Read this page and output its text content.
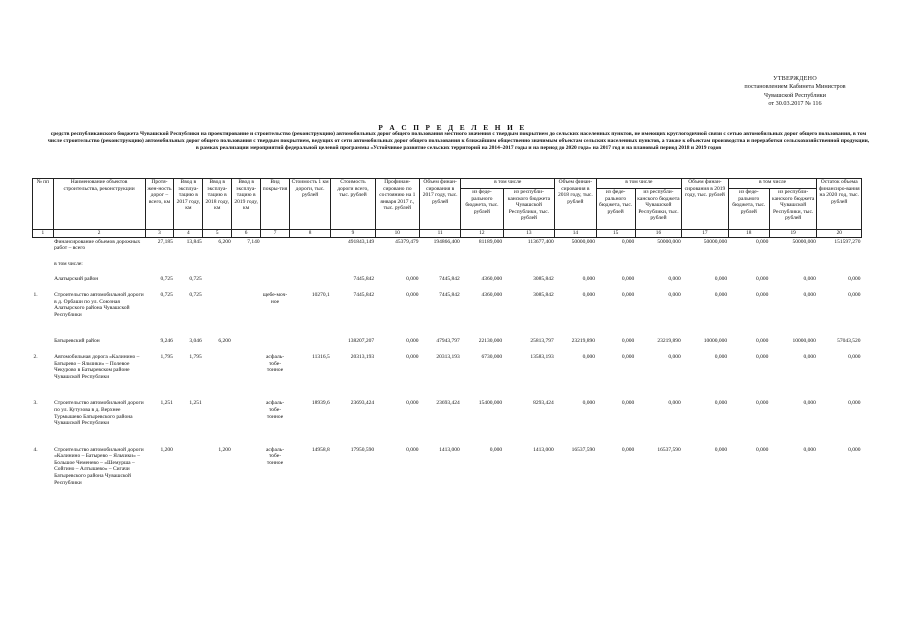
УТВЕРЖДЕНО
постановлением Кабинета Министров
Чувашской Республики
от 30.03.2017 № 116
Р А С П Р Е Д Е Л Е Н И Е
средств республиканского бюджета Чувашской Республики на проектирование и строительство (реконструкцию) автомобильных дорог общего пользования местного значения с твердым покрытием до сельских населенных пунктов, не имеющих круглогодичной связи с сетью автомобильных дорог общего пользования, в том числе строительство (реконструкцию) автомобильных дорог общего пользования с твердым покрытием, ведущих от сети автомобильных дорог общего пользования к ближайшим общественно значимым объектам сельских населенных пунктов, а также к объектам производства и переработки сельскохозяйственной продукции, в рамках реализации мероприятий федеральной целевой программы «Устойчивое развитие сельских территорий на 2014–2017 годы и на период до 2020 года» на 2017 год и на плановый период 2018 и 2019 годов
№ пп	Наименование объектов строительства, реконструкции	Протя-жен-ность дорог – всего, км	Ввод в эксплуа-тацию в 2017 году, км	Ввод в эксплуа-тацию в 2018 году, км	Ввод в эксплуа-тацию в 2019 году, км	Вид покры-тия	Стоимость 1 км дороги, тыс. рублей	Стоимость дороги всего, тыс. рублей	Профинан-сировано по состоянию на 1 января 2017 г., тыс. рублей	Объем финан-сирования в 2017 году, тыс. рублей	в том числе		Объем финан-сирования в 2018 году, тыс. рублей	в том числе		Объем финан-сирования в 2019 году, тыс. рублей	в том числе		Остаток объема финансиро-вания на 2020 год, тыс. рублей
											из феде-рального бюджета, тыс. рублей	из республи-канского бюджета Чувашской Республики, тыс. рублей		из феде-рального бюджета, тыс. рублей	из республи-канского бюджета Чувашской Республики, тыс. рублей		из феде-рального бюджета, тыс. рублей	из республи-канского бюджета Чувашской Республики, тыс. рублей	
1	2	3	4	5	6	7	8	9	10	11	12	13	14	15	16	17	18	19	20
	Финансирование объемов дорожных работ – всего	27,185	13,845	6,200	7,140			491843,149	45379,479	194866,400	81189,000	113677,400	50000,000	0,000	50000,000	50000,000	0,000	50000,000	151597,270

	в том числе:																		

	Алатырский район	0,725	0,725					7445,842	0,000	7445,842	4360,000	3085,842	0,000	0,000	0,000	0,000	0,000	0,000	0,000

1.	Строительство автомобильной дороги в д. Орбаши по ул. Союзная Алатырского района Чувашской Республики	0,725	0,725			щебе-моч-ное	10270,1	7445,842	0,000	7445,842	4360,000	3085,842	0,000	0,000	0,000	0,000	0,000	0,000	0,000

	Батыревский район	9,246	3,046	6,200				138207,207	0,000	47943,797	22130,000	25813,797	23219,890	0,000	23219,890	10000,000	0,000	10000,000	57043,520

2.	Автомобильная дорога «Калинино – Батырево – Яльчики» – Полевое Чекурово в Батыревском районе Чувашской Республики	1,795	1,795			асфаль-тобе-тонное	11316,5	20313,193	0,000	20313,193	6730,000	13583,193	0,000	0,000	0,000	0,000	0,000	0,000	0,000

3.	Строительство автомобильной дороги по ул. Кутузова в д. Верхнее Турмышево Батыревского района Чувашской Республики	1,251	1,251			асфаль-тобе-тонное	18939,6	23693,424	0,000	23693,424	15400,000	8293,424	0,000	0,000	0,000	0,000	0,000	0,000	0,000

4.	Строительство автомобильной дороги «Калинино – Батырево – Яльчики» – Большое Чеменево – «Шемурша – Сойгино – Алтышево» – Сигачи Батыревского района Чувашской Республики	1,200		1,200		асфаль-тобе-тонное	14958,8	17950,590	0,000	1413,000	0,000	1413,000	16537,590	0,000	16537,590	0,000	0,000	0,000	0,000
